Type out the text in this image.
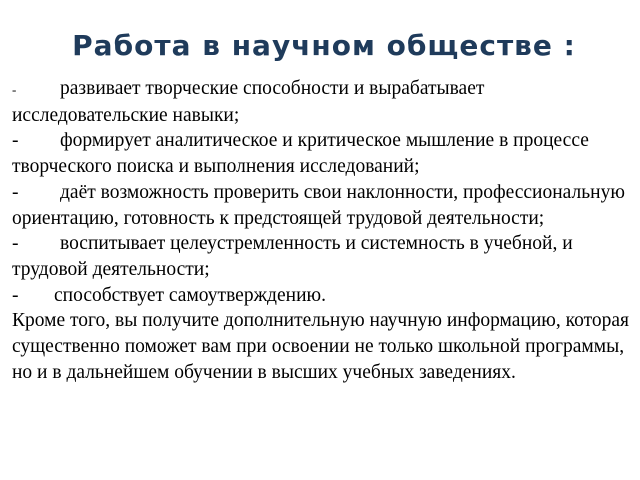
Работа в научном обществе :

- развивает творческие способности и вырабатывает исследовательские навыки;

- формирует аналитическое и критическое мышление в процессе творческого поиска и выполнения исследований;

- даёт возможность проверить свои наклонности, профессиональную ориентацию, готовность к предстоящей трудовой деятельности;

- воспитывает целеустремленность и системность в учебной, и трудовой деятельности;

- способствует самоутверждению.

Кроме того, вы получите дополнительную научную информацию, которая существенно поможет вам при освоении не только школьной программы, но и в дальнейшем обучении в высших учебных заведениях.
